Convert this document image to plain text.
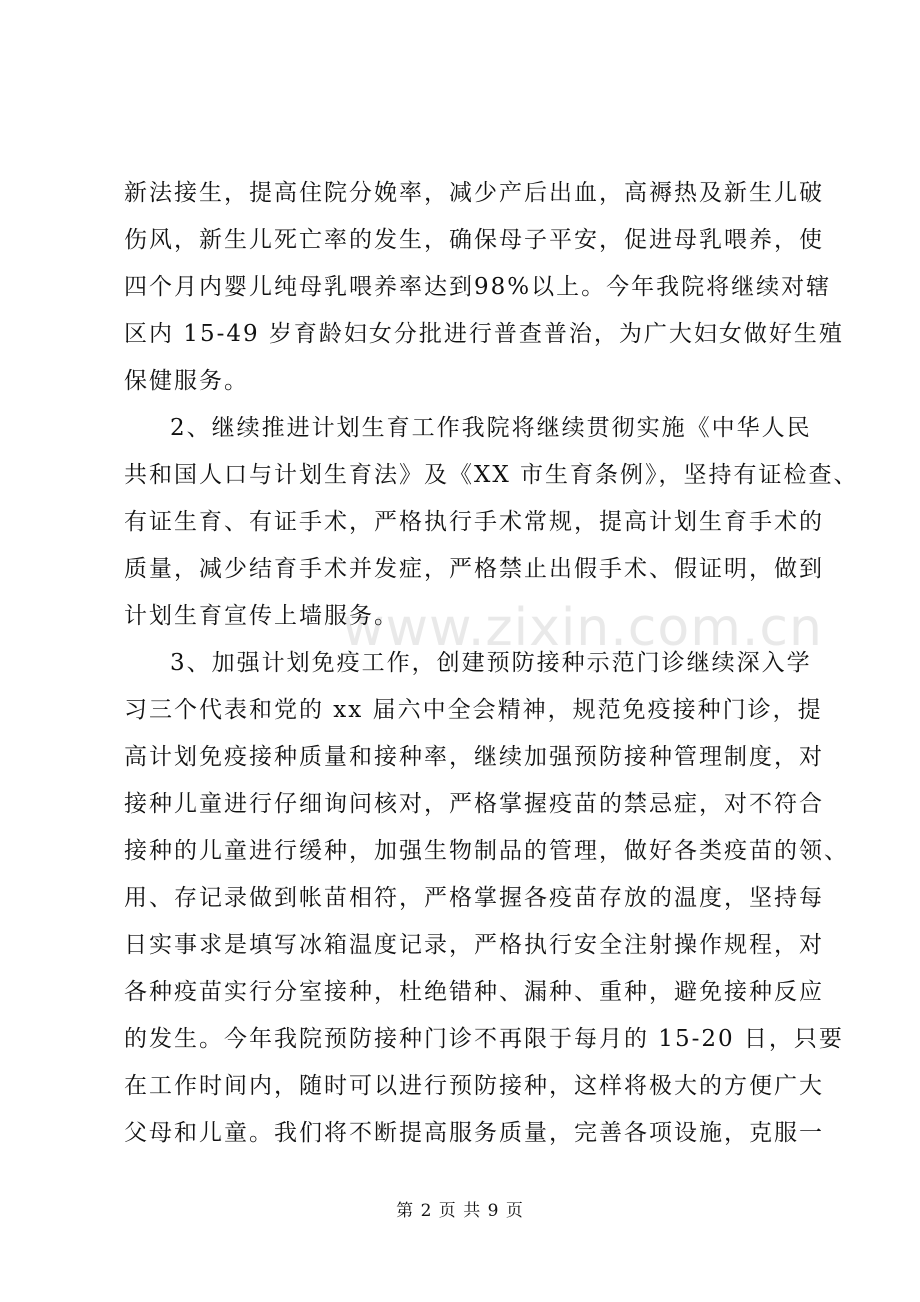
www.zixin.com.cn
新法接生，提高住院分娩率，减少产后出血，高褥热及新生儿破
伤风，新生儿死亡率的发生，确保母子平安，促进母乳喂养，使
四个月内婴儿纯母乳喂养率达到98%以上。今年我院将继续对辖
区内 15-49 岁育龄妇女分批进行普查普治，为广大妇女做好生殖
保健服务。
2、继续推进计划生育工作我院将继续贯彻实施《中华人民
共和国人口与计划生育法》及《XX 市生育条例》，坚持有证检查、
有证生育、有证手术，严格执行手术常规，提高计划生育手术的
质量，减少结育手术并发症，严格禁止出假手术、假证明，做到
计划生育宣传上墙服务。
3、加强计划免疫工作，创建预防接种示范门诊继续深入学
习三个代表和党的 xx 届六中全会精神，规范免疫接种门诊，提
高计划免疫接种质量和接种率，继续加强预防接种管理制度，对
接种儿童进行仔细询问核对，严格掌握疫苗的禁忌症，对不符合
接种的儿童进行缓种，加强生物制品的管理，做好各类疫苗的领、
用、存记录做到帐苗相符，严格掌握各疫苗存放的温度，坚持每
日实事求是填写冰箱温度记录，严格执行安全注射操作规程，对
各种疫苗实行分室接种，杜绝错种、漏种、重种，避免接种反应
的发生。今年我院预防接种门诊不再限于每月的 15-20 日，只要
在工作时间内，随时可以进行预防接种，这样将极大的方便广大
父母和儿童。我们将不断提高服务质量，完善各项设施，克服一
第 2 页 共 9 页
